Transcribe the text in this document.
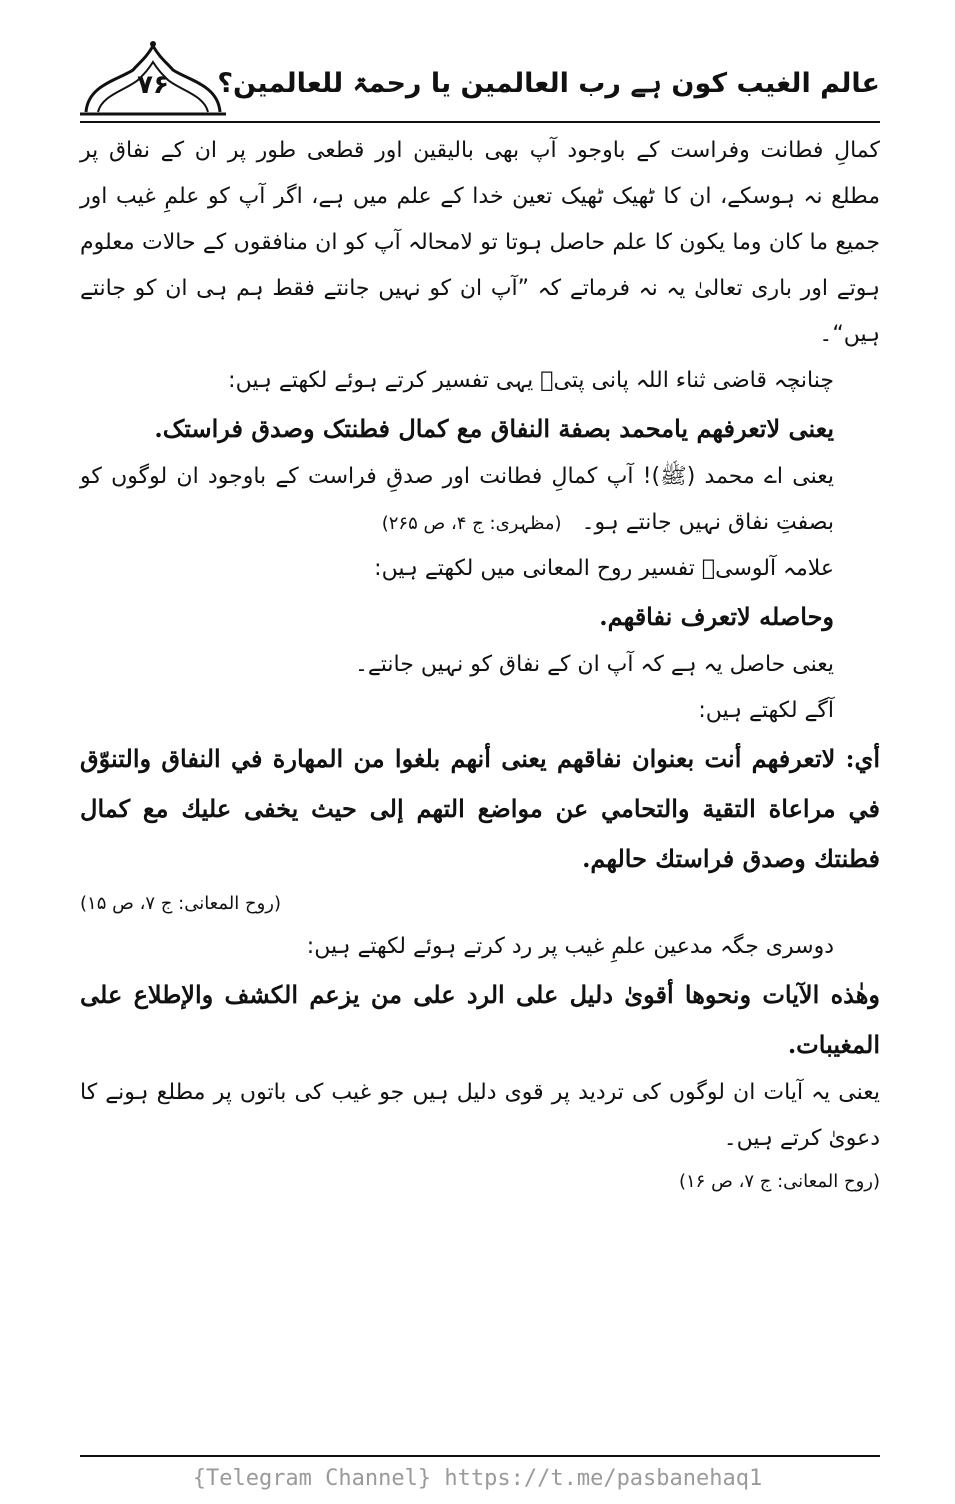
۷۶	عالم الغیب کون ہے رب العالمین یا رحمۃ للعالمین؟

کمالِ فطانت وفراست کے باوجود آپ بھی بالیقین اور قطعی طور پر ان کے نفاق پر مطلع نہ ہوسکے، ان کا ٹھیک ٹھیک تعین خدا کے علم میں ہے، اگر آپ کو علمِ غیب اور جمیع ما کان وما یکون کا علم حاصل ہوتا تو لامحالہ آپ کو ان منافقوں کے حالات معلوم ہوتے اور باری تعالیٰ یہ نہ فرماتے کہ ”آپ ان کو نہیں جانتے فقط ہم ہی ان کو جانتے ہیں“۔

چنانچہ قاضی ثناء اللہ پانی پتیؒ یہی تفسیر کرتے ہوئے لکھتے ہیں:

یعنی لاتعرفھم یامحمد بصفة النفاق مع کمال فطنتک وصدق فراستک.

یعنی اے محمد (ﷺ)! آپ کمالِ فطانت اور صدقِ فراست کے باوجود ان لوگوں کو بصفتِ نفاق نہیں جانتے ہو۔(مظہری: ج ۴، ص ۲۶۵)

علامہ آلوسیؒ تفسیر روح المعانی میں لکھتے ہیں:

وحاصله لاتعرف نفاقهم.

یعنی حاصل یہ ہے کہ آپ ان کے نفاق کو نہیں جانتے۔

آگے لکھتے ہیں:

أي: لاتعرفهم أنت بعنوان نفاقهم يعنى أنهم بلغوا من المهارة في النفاق والتنوّق في مراعاة التقية والتحامي عن مواضع التهم إلى حيث يخفى عليك مع كمال فطنتك وصدق فراستك حالهم.

(روح المعانی: ج ۷، ص ۱۵)

دوسری جگہ مدعین علمِ غیب پر رد کرتے ہوئے لکھتے ہیں:

وهٰذه الآيات ونحوها أقوىٰ دليل على الرد على من يزعم الكشف والإطلاع على المغيبات.

یعنی یہ آیات ان لوگوں کی تردید پر قوی دلیل ہیں جو غیب کی باتوں پر مطلع ہونے کا دعویٰ کرتے ہیں۔

(روح المعانی: ج ۷، ص ۱۶)

{Telegram Channel} https://t.me/pasbanehaq1
